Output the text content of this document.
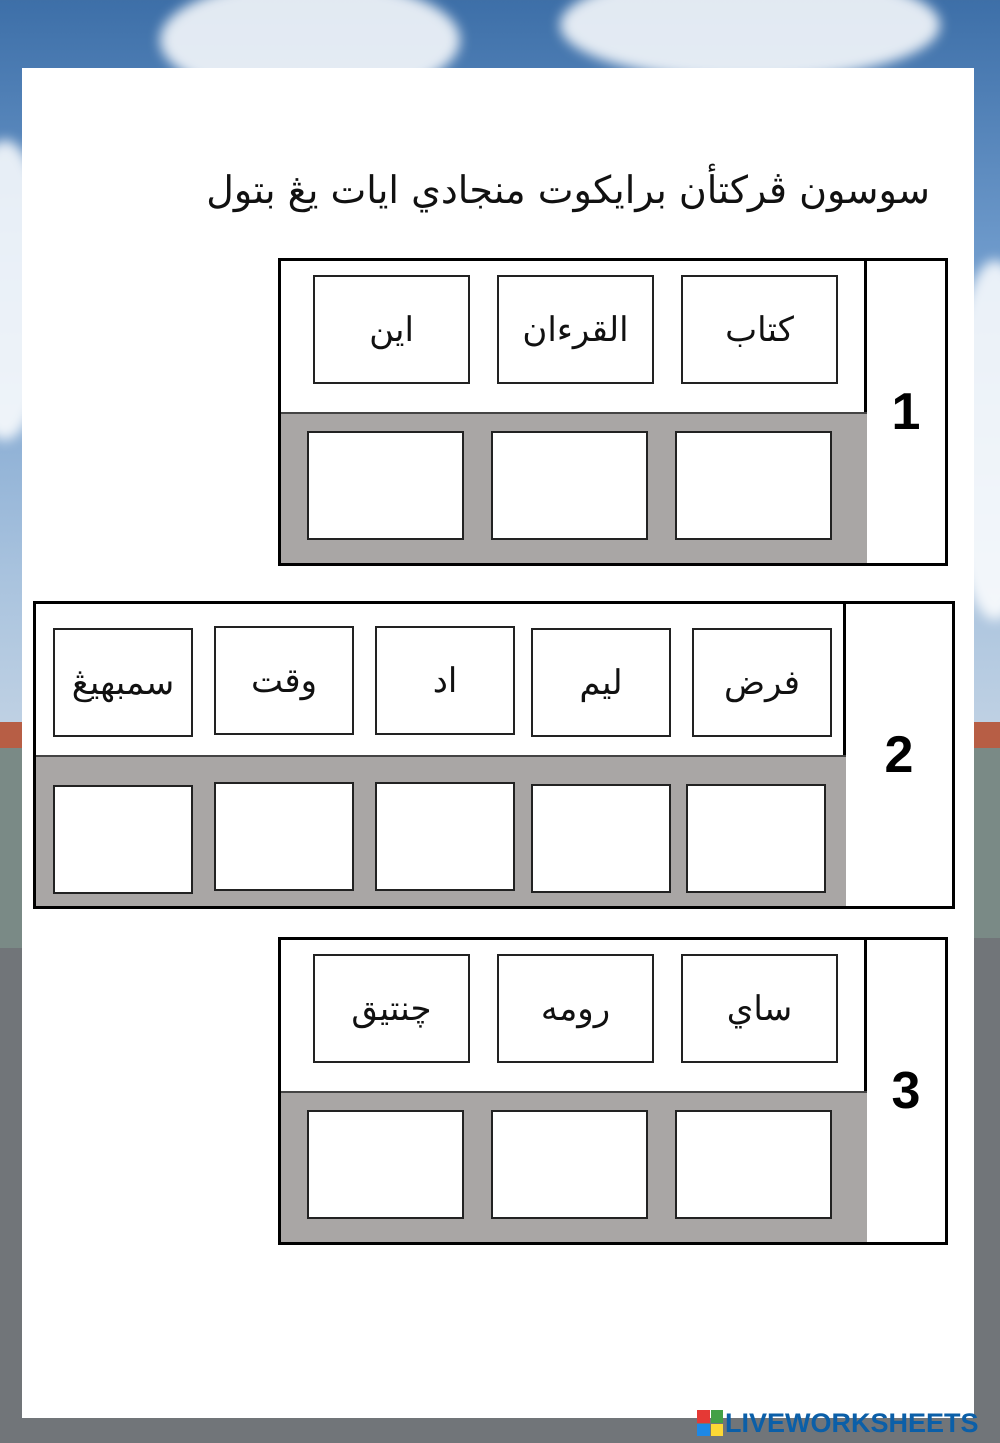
سوسون ڤركتأن برايكوت منجادي ايات يڠ بتول
1
كتاب
القرءان
اين
2
فرض
ليم
اد
وقت
سمبهيڠ
3
ساي
رومه
چنتيق
LIVEWORKSHEETS
